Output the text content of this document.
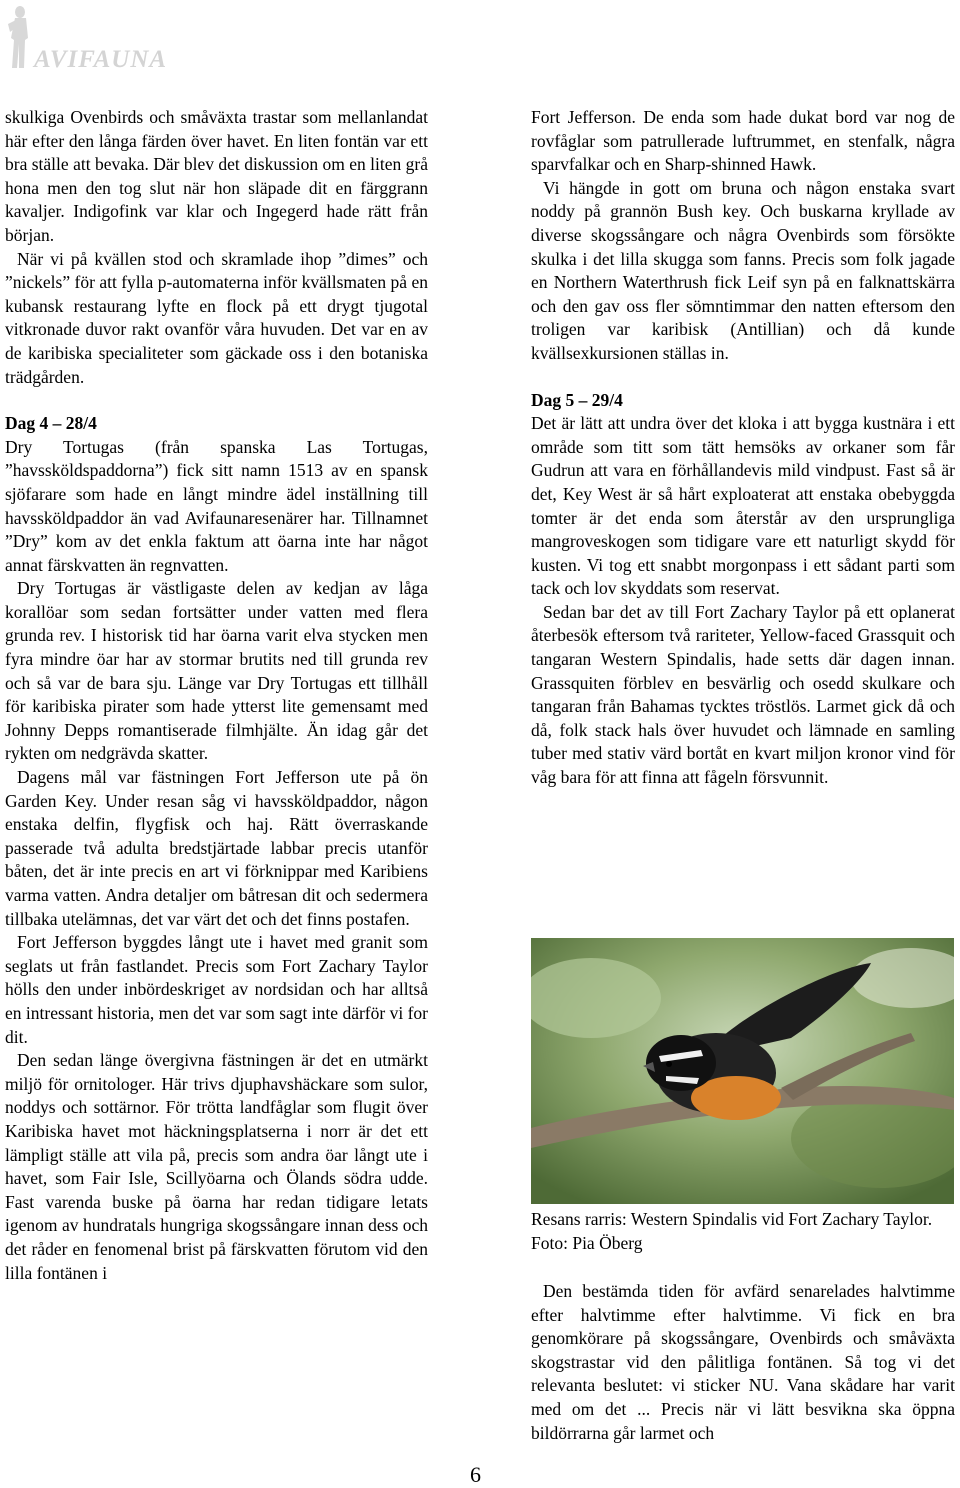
AVIFAUNA

skulkiga Ovenbirds och småväxta trastar som mellanlandat här efter den långa färden över havet. En liten fontän var ett bra ställe att bevaka. Där blev det diskussion om en liten grå hona men den tog slut när hon släpade dit en färggrann kavaljer. Indigofink var klar och Ingegerd hade rätt från början.

När vi på kvällen stod och skramlade ihop ”dimes” och ”nickels” för att fylla p-automaterna inför kvällsmaten på en kubansk restaurang lyfte en flock på ett drygt tjugotal vitkronade duvor rakt ovanför våra huvuden. Det var en av de karibiska specialiteter som gäckade oss i den botaniska trädgården.

Dag 4 – 28/4

Dry Tortugas (från spanska Las Tortugas, ”havssköldspaddorna”) fick sitt namn 1513 av en spansk sjöfarare som hade en långt mindre ädel inställning till havssköldpaddor än vad Avifaunaresenärer har. Tillnamnet ”Dry” kom av det enkla faktum att öarna inte har något annat färskvatten än regnvatten.

Dry Tortugas är västligaste delen av kedjan av låga korallöar som sedan fortsätter under vatten med flera grunda rev. I historisk tid har öarna varit elva stycken men fyra mindre öar har av stormar brutits ned till grunda rev och så var de bara sju. Länge var Dry Tortugas ett tillhåll för karibiska pirater som hade ytterst lite gemensamt med Johnny Depps romantiserade filmhjälte. Än idag går det rykten om nedgrävda skatter.

Dagens mål var fästningen Fort Jefferson ute på ön Garden Key. Under resan såg vi havssköldpaddor, någon enstaka delfin, flygfisk och haj. Rätt överraskande passerade två adulta bredstjärtade labbar precis utanför båten, det är inte precis en art vi förknippar med Karibiens varma vatten. Andra detaljer om båtresan dit och sedermera tillbaka utelämnas, det var värt det och det finns postafen.

Fort Jefferson byggdes långt ute i havet med granit som seglats ut från fastlandet. Precis som Fort Zachary Taylor hölls den under inbördeskriget av nordsidan och har alltså en intressant historia, men det var som sagt inte därför vi for dit.

Den sedan länge övergivna fästningen är det en utmärkt miljö för ornitologer. Här trivs djuphavshäckare som sulor, noddys och sottärnor. För trötta landfåglar som flugit över Karibiska havet mot häckningsplatserna i norr är det ett lämpligt ställe att vila på, precis som andra öar långt ute i havet, som Fair Isle, Scillyöarna och Ölands södra udde. Fast varenda buske på öarna har redan tidigare letats igenom av hundratals hungriga skogssångare innan dess och det råder en fenomenal brist på färskvatten förutom vid den lilla fontänen i

Fort Jefferson. De enda som hade dukat bord var nog de rovfåglar som patrullerade luftrummet, en stenfalk, några sparvfalkar och en Sharp-shinned Hawk.

Vi hängde in gott om bruna och någon enstaka svart noddy på grannön Bush key. Och buskarna kryllade av diverse skogssångare och några Ovenbirds som försökte skulka i det lilla skugga som fanns. Precis som folk jagade en Northern Waterthrush fick Leif syn på en falknattskärra och den gav oss fler sömntimmar den natten eftersom den troligen var karibisk (Antillian) och då kunde kvällsexkursionen ställas in.

Dag 5 – 29/4

Det är lätt att undra över det kloka i att bygga kustnära i ett område som titt som tätt hemsöks av orkaner som får Gudrun att vara en förhållandevis mild vindpust. Fast så är det, Key West är så hårt exploaterat att enstaka obebyggda tomter är det enda som återstår av den ursprungliga mangroveskogen som tidigare vare ett naturligt skydd för kusten. Vi tog ett snabbt morgonpass i ett sådant parti som tack och lov skyddats som reservat.

Sedan bar det av till Fort Zachary Taylor på ett oplanerat återbesök eftersom två rariteter, Yellow-faced Grassquit och tangaran Western Spindalis, hade setts där dagen innan. Grassquiten förblev en besvärlig och osedd skulkare och tangaran från Bahamas tycktes tröstlös. Larmet gick då och då, folk stack hals över huvudet och lämnade en samling tuber med stativ värd bortåt en kvart miljon kronor vind för våg bara för att finna att fågeln försvunnit.

Resans rarris: Western Spindalis vid Fort Zachary Taylor. Foto: Pia Öberg

Den bestämda tiden för avfärd senarelades halvtimme efter halvtimme efter halvtimme. Vi fick en bra genomkörare på skogssångare, Ovenbirds och småväxta skogstrastar vid den pålitliga fontänen. Så tog vi det relevanta beslutet: vi sticker NU. Vana skådare har varit med om det ... Precis när vi lätt besvikna ska öppna bildörrarna går larmet och

6
